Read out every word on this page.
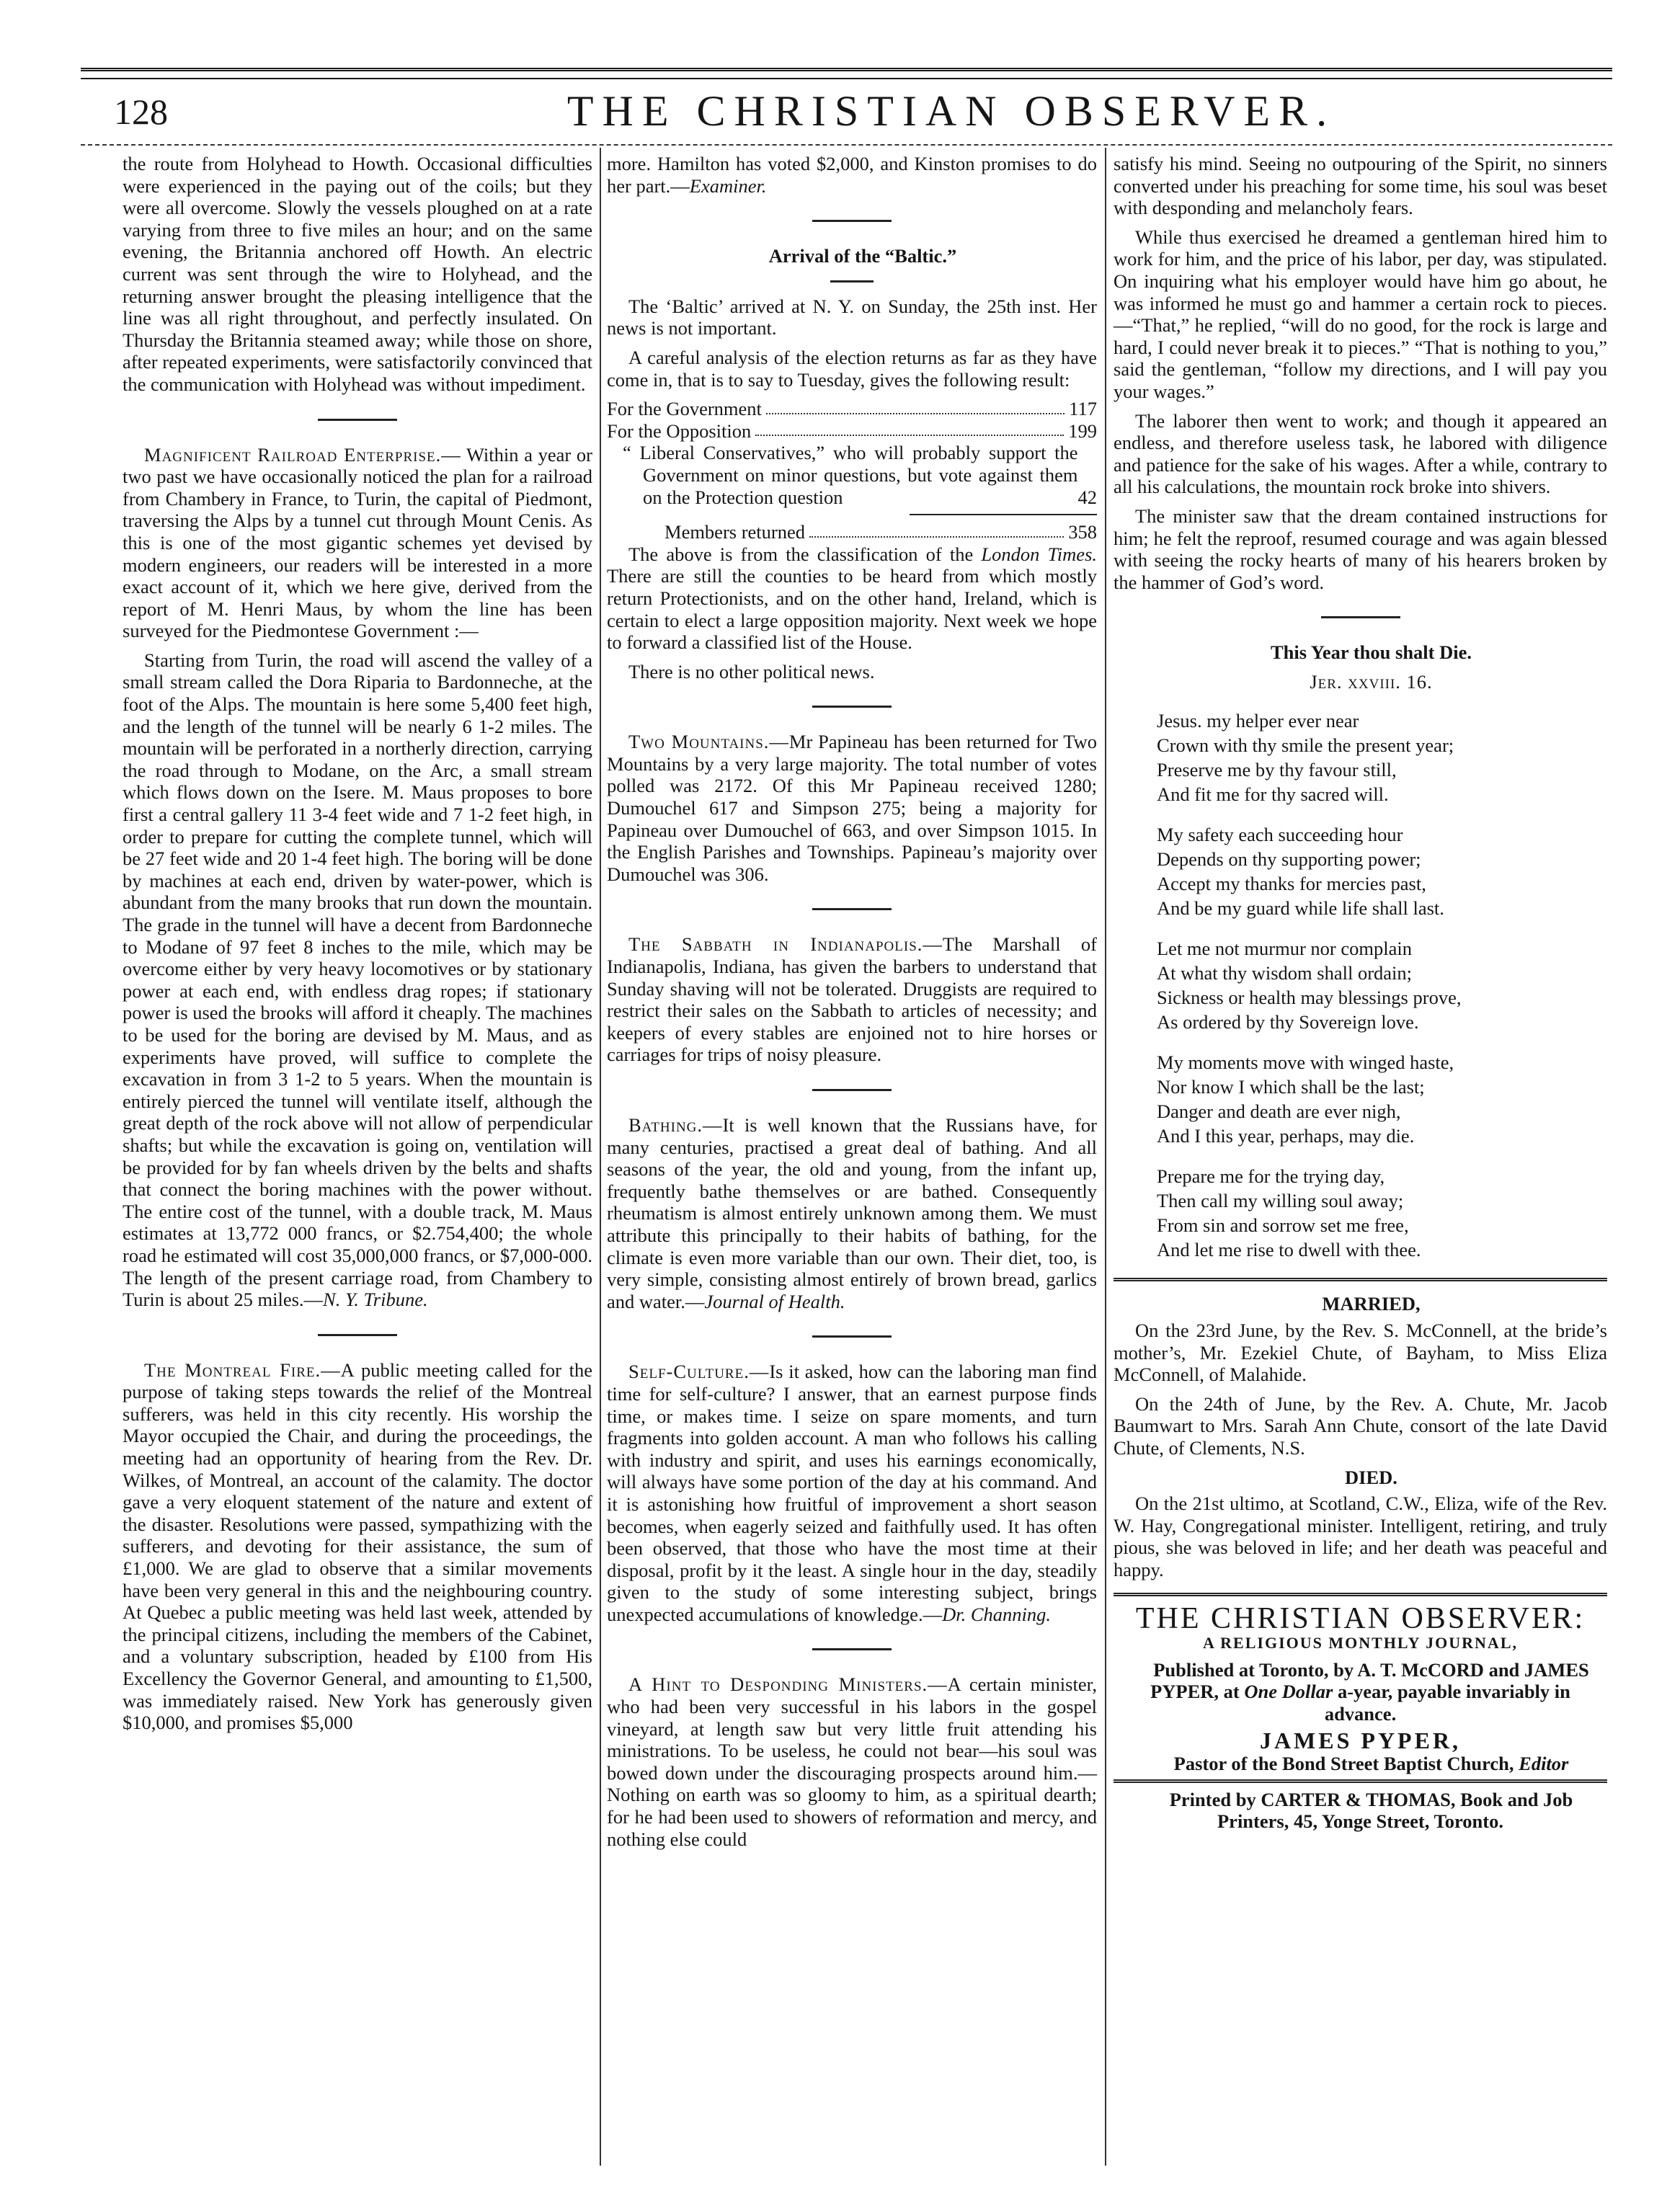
128	THE CHRISTIAN OBSERVER.

the route from Holyhead to Howth. Occasional difficulties were experienced in the paying out of the coils; but they were all overcome. Slowly the vessels ploughed on at a rate varying from three to five miles an hour; and on the same evening, the Britannia anchored off Howth. An electric current was sent through the wire to Holyhead, and the returning answer brought the pleasing intelligence that the line was all right throughout, and perfectly insulated. On Thursday the Britannia steamed away; while those on shore, after repeated experiments, were satisfactorily convinced that the communication with Holyhead was without impediment.

Magnificent Railroad Enterprise.— Within a year or two past we have occasionally noticed the plan for a railroad from Chambery in France, to Turin, the capital of Piedmont, traversing the Alps by a tunnel cut through Mount Cenis. As this is one of the most gigantic schemes yet devised by modern engineers, our readers will be interested in a more exact account of it, which we here give, derived from the report of M. Henri Maus, by whom the line has been surveyed for the Piedmontese Government :—

Starting from Turin, the road will ascend the valley of a small stream called the Dora Riparia to Bardonneche, at the foot of the Alps. The mountain is here some 5,400 feet high, and the length of the tunnel will be nearly 6 1-2 miles. The mountain will be perforated in a northerly direction, carrying the road through to Modane, on the Arc, a small stream which flows down on the Isere. M. Maus proposes to bore first a central gallery 11 3-4 feet wide and 7 1-2 feet high, in order to prepare for cutting the complete tunnel, which will be 27 feet wide and 20 1-4 feet high. The boring will be done by machines at each end, driven by water-power, which is abundant from the many brooks that run down the mountain. The grade in the tunnel will have a decent from Bardonneche to Modane of 97 feet 8 inches to the mile, which may be overcome either by very heavy locomotives or by stationary power at each end, with endless drag ropes; if stationary power is used the brooks will afford it cheaply. The machines to be used for the boring are devised by M. Maus, and as experiments have proved, will suffice to complete the excavation in from 3 1-2 to 5 years. When the mountain is entirely pierced the tunnel will ventilate itself, although the great depth of the rock above will not allow of perpendicular shafts; but while the excavation is going on, ventilation will be provided for by fan wheels driven by the belts and shafts that connect the boring machines with the power without. The entire cost of the tunnel, with a double track, M. Maus estimates at 13,772 000 francs, or $2.754,400; the whole road he estimated will cost 35,000,000 francs, or $7,000-000. The length of the present carriage road, from Chambery to Turin is about 25 miles.—N. Y. Tribune.

The Montreal Fire.—A public meeting called for the purpose of taking steps towards the relief of the Montreal sufferers, was held in this city recently. His worship the Mayor occupied the Chair, and during the proceedings, the meeting had an opportunity of hearing from the Rev. Dr. Wilkes, of Montreal, an account of the calamity. The doctor gave a very eloquent statement of the nature and extent of the disaster. Resolutions were passed, sympathizing with the sufferers, and devoting for their assistance, the sum of £1,000. We are glad to observe that a similar movements have been very general in this and the neighbouring country. At Quebec a public meeting was held last week, attended by the principal citizens, including the members of the Cabinet, and a voluntary subscription, headed by £100 from His Excellency the Governor General, and amounting to £1,500, was immediately raised. New York has generously given $10,000, and promises $5,000

more. Hamilton has voted $2,000, and Kinston promises to do her part.—Examiner.

Arrival of the “Baltic.”

The ‘Baltic’ arrived at N. Y. on Sunday, the 25th inst. Her news is not important.

A careful analysis of the election returns as far as they have come in, that is to say to Tuesday, gives the following result:

For the Government	117
For the Opposition	199
“ Liberal Conservatives,” who will probably support the Government on minor questions, but vote against them on the Protection question	42
Members returned	358

The above is from the classification of the London Times. There are still the counties to be heard from which mostly return Protectionists, and on the other hand, Ireland, which is certain to elect a large opposition majority. Next week we hope to forward a classified list of the House.

There is no other political news.

Two Mountains.—Mr Papineau has been returned for Two Mountains by a very large majority. The total number of votes polled was 2172. Of this Mr Papineau received 1280; Dumouchel 617 and Simpson 275; being a majority for Papineau over Dumouchel of 663, and over Simpson 1015. In the English Parishes and Townships. Papineau’s majority over Dumouchel was 306.

The Sabbath in Indianapolis.—The Marshall of Indianapolis, Indiana, has given the barbers to understand that Sunday shaving will not be tolerated. Druggists are required to restrict their sales on the Sabbath to articles of necessity; and keepers of every stables are enjoined not to hire horses or carriages for trips of noisy pleasure.

Bathing.—It is well known that the Russians have, for many centuries, practised a great deal of bathing. And all seasons of the year, the old and young, from the infant up, frequently bathe themselves or are bathed. Consequently rheumatism is almost entirely unknown among them. We must attribute this principally to their habits of bathing, for the climate is even more variable than our own. Their diet, too, is very simple, consisting almost entirely of brown bread, garlics and water.—Journal of Health.

Self-Culture.—Is it asked, how can the laboring man find time for self-culture? I answer, that an earnest purpose finds time, or makes time. I seize on spare moments, and turn fragments into golden account. A man who follows his calling with industry and spirit, and uses his earnings economically, will always have some portion of the day at his command. And it is astonishing how fruitful of improvement a short season becomes, when eagerly seized and faithfully used. It has often been observed, that those who have the most time at their disposal, profit by it the least. A single hour in the day, steadily given to the study of some interesting subject, brings unexpected accumulations of knowledge.—Dr. Channing.

A Hint to Desponding Ministers.—A certain minister, who had been very successful in his labors in the gospel vineyard, at length saw but very little fruit attending his ministrations. To be useless, he could not bear—his soul was bowed down under the discouraging prospects around him.—Nothing on earth was so gloomy to him, as a spiritual dearth; for he had been used to showers of reformation and mercy, and nothing else could

satisfy his mind. Seeing no outpouring of the Spirit, no sinners converted under his preaching for some time, his soul was beset with desponding and melancholy fears.

While thus exercised he dreamed a gentleman hired him to work for him, and the price of his labor, per day, was stipulated. On inquiring what his employer would have him go about, he was informed he must go and hammer a certain rock to pieces.—“That,” he replied, “will do no good, for the rock is large and hard, I could never break it to pieces.” “That is nothing to you,” said the gentleman, “follow my directions, and I will pay you your wages.”

The laborer then went to work; and though it appeared an endless, and therefore useless task, he labored with diligence and patience for the sake of his wages. After a while, contrary to all his calculations, the mountain rock broke into shivers.

The minister saw that the dream contained instructions for him; he felt the reproof, resumed courage and was again blessed with seeing the rocky hearts of many of his hearers broken by the hammer of God’s word.

This Year thou shalt Die.

Jer. xxviii. 16.

Jesus. my helper ever near
Crown with thy smile the present year;
Preserve me by thy favour still,
And fit me for thy sacred will.
My safety each succeeding hour
Depends on thy supporting power;
Accept my thanks for mercies past,
And be my guard while life shall last.
Let me not murmur nor complain
At what thy wisdom shall ordain;
Sickness or health may blessings prove,
As ordered by thy Sovereign love.
My moments move with winged haste,
Nor know I which shall be the last;
Danger and death are ever nigh,
And I this year, perhaps, may die.
Prepare me for the trying day,
Then call my willing soul away;
From sin and sorrow set me free,
And let me rise to dwell with thee.

MARRIED,

On the 23rd June, by the Rev. S. McConnell, at the bride’s mother’s, Mr. Ezekiel Chute, of Bayham, to Miss Eliza McConnell, of Malahide.

On the 24th of June, by the Rev. A. Chute, Mr. Jacob Baumwart to Mrs. Sarah Ann Chute, consort of the late David Chute, of Clements, N.S.

DIED.

On the 21st ultimo, at Scotland, C.W., Eliza, wife of the Rev. W. Hay, Congregational minister. Intelligent, retiring, and truly pious, she was beloved in life; and her death was peaceful and happy.

THE CHRISTIAN OBSERVER:
A RELIGIOUS MONTHLY JOURNAL,

Published at Toronto, by A. T. McCORD and JAMES PYPER, at One Dollar a-year, payable invariably in advance.

JAMES PYPER,

Pastor of the Bond Street Baptist Church, Editor

Printed by CARTER & THOMAS, Book and Job Printers, 45, Yonge Street, Toronto.
